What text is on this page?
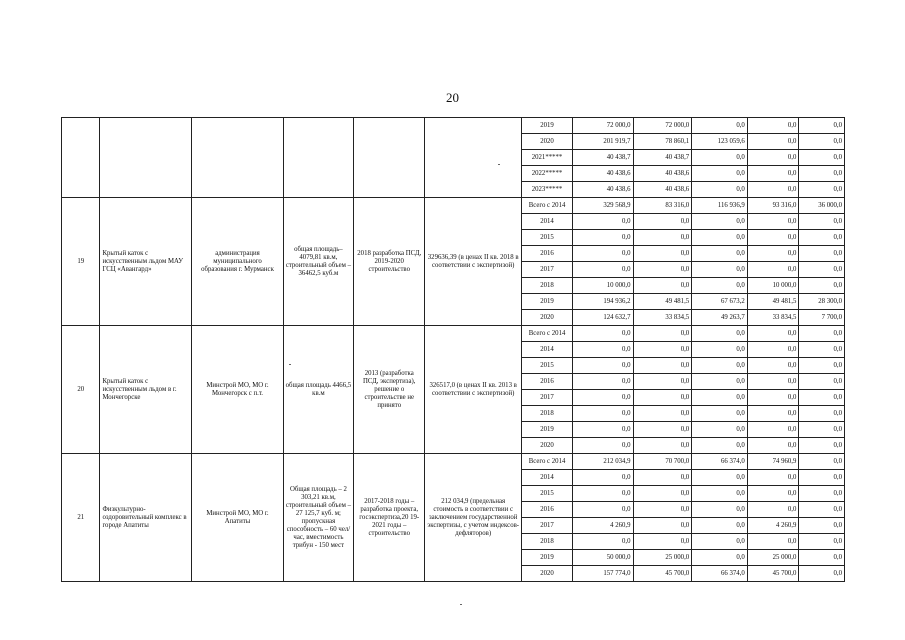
20
						2019	72 000,0	72 000,0	0,0	0,0	0,0
						2020	201 919,7	78 860,1	123 059,6	0,0	0,0
						2021*****	40 438,7	40 438,7	0,0	0,0	0,0
						2022*****	40 438,6	40 438,6	0,0	0,0	0,0
						2023*****	40 438,6	40 438,6	0,0	0,0	0,0
19	Крытый каток с искусственным льдом МАУ ГСЦ «Авангард»	администрация муниципального образования г. Мурманск	общая площадь– 4079,81 кв.м, строительный объем – 36462,5 куб.м	2018 разработка ПСД, 2019-2020 строительство	329636,39 (в ценах II кв. 2018 в соответствии с экспертизой)	Всего с 2014	329 568,9	83 316,0	116 936,9	93 316,0	36 000,0
						2014	0,0	0,0	0,0	0,0	0,0
						2015	0,0	0,0	0,0	0,0	0,0
						2016	0,0	0,0	0,0	0,0	0,0
						2017	0,0	0,0	0,0	0,0	0,0
						2018	10 000,0	0,0	0,0	10 000,0	0,0
						2019	194 936,2	49 481,5	67 673,2	49 481,5	28 300,0
						2020	124 632,7	33 834,5	49 263,7	33 834,5	7 700,0
20	Крытый каток с искусственным льдом в г. Мончегорске	Минстрой МО, МО г. Мончегорск с п.т.	общая площадь 4466,5 кв.м	2013 (разработка ПСД, экспертиза), решение о строительстве не принято	326517,0 (в ценах II кв. 2013 в соответствии с экспертизой)	Всего с 2014	0,0	0,0	0,0	0,0	0,0
						2014	0,0	0,0	0,0	0,0	0,0
						2015	0,0	0,0	0,0	0,0	0,0
						2016	0,0	0,0	0,0	0,0	0,0
						2017	0,0	0,0	0,0	0,0	0,0
						2018	0,0	0,0	0,0	0,0	0,0
						2019	0,0	0,0	0,0	0,0	0,0
						2020	0,0	0,0	0,0	0,0	0,0
21	Физкультурно-оздоровительный комплекс в городе Апатиты	Минстрой МО, МО г. Апатиты	Общая площадь – 2 303,21 кв.м, строительный объем – 27 125,7 куб. м; пропускная способность – 60 чел/час, вместимость трибун - 150 мест	2017-2018 годы – разработка проекта, госэкспертиза,20 19-2021 годы – строительство	212 034,9 (предельная стоимость в соответствии с заключением государственной экспертизы, с учетом индексов-дефляторов)	Всего с 2014	212 034,9	70 700,0	66 374,0	74 960,9	0,0
						2014	0,0	0,0	0,0	0,0	0,0
						2015	0,0	0,0	0,0	0,0	0,0
						2016	0,0	0,0	0,0	0,0	0,0
						2017	4 260,9	0,0	0,0	4 260,9	0,0
						2018	0,0	0,0	0,0	0,0	0,0
						2019	50 000,0	25 000,0	0,0	25 000,0	0,0
						2020	157 774,0	45 700,0	66 374,0	45 700,0	0,0
